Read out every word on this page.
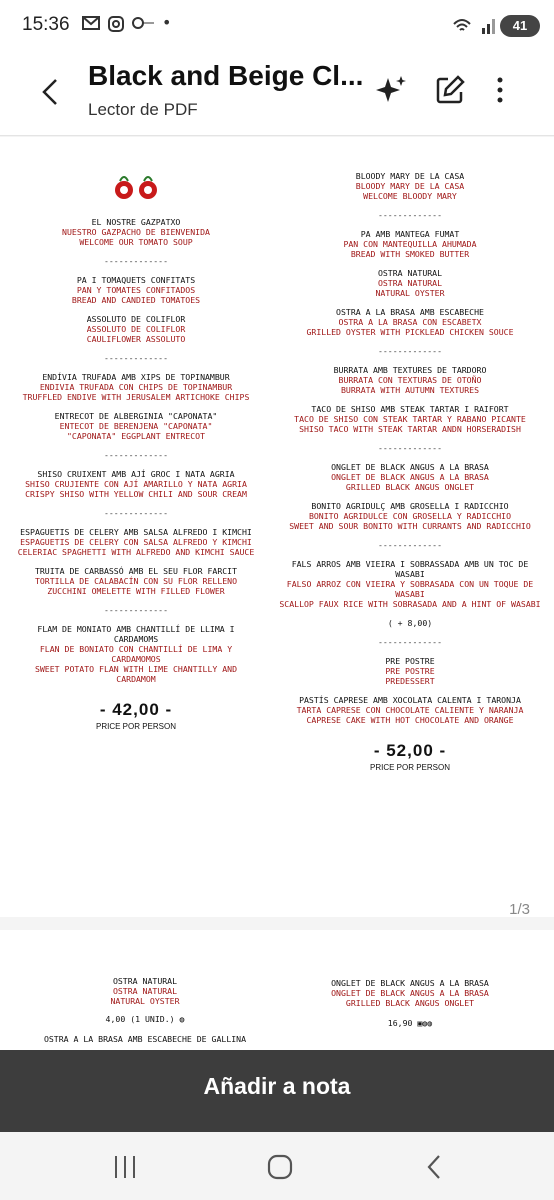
15:36	•	41
Black and Beige Cl...
Lector de PDF
EL NOSTRE GAZPATXO
NUESTRO GAZPACHO DE BIENVENIDA
WELCOME OUR TOMATO SOUP
-------------
PA I TOMAQUETS CONFITATS
PAN Y TOMATES CONFITADOS
BREAD AND CANDIED TOMATOES
ASSOLUTO DE COLIFLOR
ASSOLUTO DE COLIFLOR
CAULIFLOWER ASSOLUTO
-------------
ENDÍVIA TRUFADA AMB XIPS DE TOPINAMBUR
ENDIVIA TRUFADA CON CHIPS DE TOPINAMBUR
TRUFFLED ENDIVE WITH JERUSALEM ARTICHOKE CHIPS
ENTRECOT DE ALBERGINIA "CAPONATA"
ENTECOT DE BERENJENA "CAPONATA"
"CAPONATA" EGGPLANT ENTRECOT
-------------
SHISO CRUIXENT AMB AJÍ GROC I NATA AGRIA
SHISO CRUJIENTE CON AJÍ AMARILLO Y NATA AGRIA
CRISPY SHISO WITH YELLOW CHILI AND SOUR CREAM
-------------
ESPAGUETIS DE CELERY AMB SALSA ALFREDO I KIMCHI
ESPAGUETIS DE CELERY CON SALSA ALFREDO Y KIMCHI
CELERIAC SPAGHETTI WITH ALFREDO AND KIMCHI SAUCE
TRUITA DE CARBASSÓ AMB EL SEU FLOR FARCIT
TORTILLA DE CALABACÍN CON SU FLOR RELLENO
ZUCCHINI OMELETTE WITH FILLED FLOWER
-------------
FLAM DE MONIATO AMB CHANTILLÍ DE LLIMA I CARDAMOMS
FLAN DE BONIATO CON CHANTILLÍ DE LIMA Y CARDAMOMOS
SWEET POTATO FLAN WITH LIME CHANTILLY AND CARDAMOM
- 42,00 -
PRICE POR PERSON
BLOODY MARY DE LA CASA
BLOODY MARY DE LA CASA
WELCOME BLOODY MARY
-------------
PA AMB MANTEGA FUMAT
PAN CON MANTEQUILLA AHUMADA
BREAD WITH SMOKED BUTTER
OSTRA NATURAL
OSTRA NATURAL
NATURAL OYSTER
OSTRA A LA BRASA AMB ESCABECHE
OSTRA A LA BRASA CON ESCABETX
GRILLED OYSTER WITH PICKLEAD CHICKEN SOUCE
-------------
BURRATA AMB TEXTURES DE TARDORO
BURRATA CON TEXTURAS DE OTOÑO
BURRATA WITH AUTUMN TEXTURES
TACO DE SHISO AMB STEAK TARTAR I RAIFORT
TACO DE SHISO CON STEAK TARTAR Y RABANO PICANTE
SHISO TACO WITH STEAK TARTAR ANDN HORSERADISH
-------------
ONGLET DE BLACK ANGUS A LA BRASA
ONGLET DE BLACK ANGUS A LA BRASA
GRILLED BLACK ANGUS ONGLET
BONITO AGRIDULÇ AMB GROSELLA I RADICCHIO
BONITO AGRIDULCE CON GROSELLA Y RADICCHIO
SWEET AND SOUR BONITO WITH CURRANTS AND RADICCHIO
-------------
FALS ARROS AMB VIEIRA I SOBRASSADA AMB UN TOC DE WASABI
FALSO ARROZ CON VIEIRA Y SOBRASADA CON UN TOQUE DE WASABI
SCALLOP FAUX RICE WITH SOBRASADA AND A HINT OF WASABI
( + 8,00)
-------------
PRE POSTRE
PRE POSTRE
PREDESSERT
PASTÍS CAPRESE AMB XOCOLATA CALENTA I TARONJA
TARTA CAPRESE CON CHOCOLATE CALIENTE Y NARANJA
CAPRESE CAKE WITH HOT CHOCOLATE AND ORANGE
- 52,00 -
PRICE POR PERSON
1/3
OSTRA NATURAL
OSTRA NATURAL
NATURAL OYSTER
4,00 (1 UNID.) ◍
OSTRA A LA BRASA AMB ESCABECHE DE GALLINA
ONGLET DE BLACK ANGUS A LA BRASA
ONGLET DE BLACK ANGUS A LA BRASA
GRILLED BLACK ANGUS ONGLET
16,90 ▣◍◍
Añadir a nota
